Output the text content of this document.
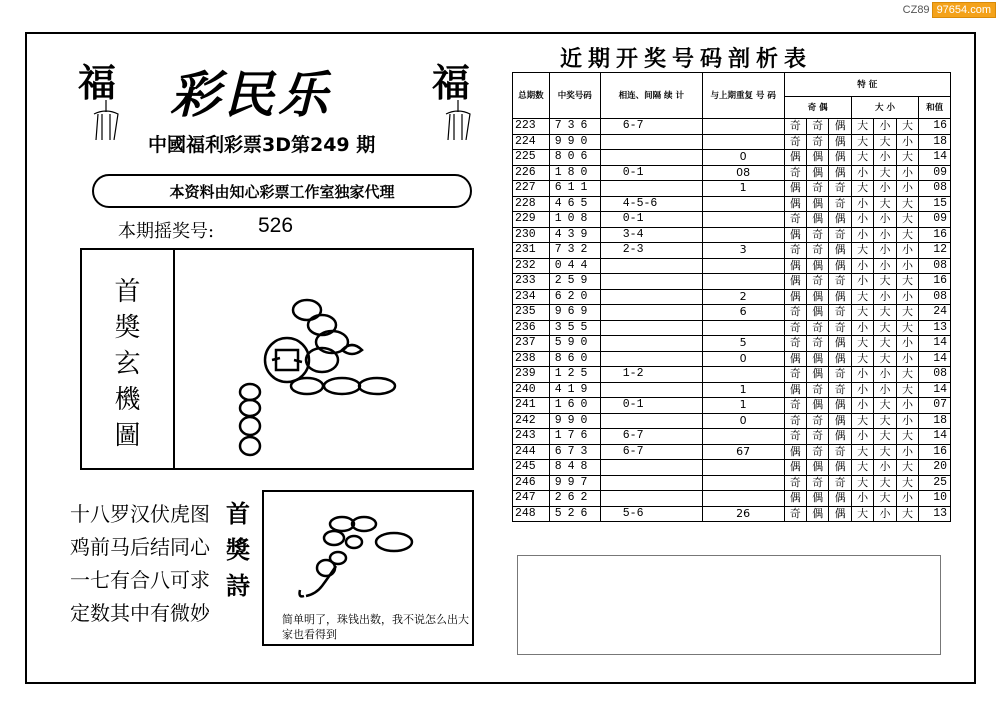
CZ89 97654.com
福	福
彩民乐
中國福利彩票3D第249 期
本资料由知心彩票工作室独家代理
本期摇奖号: 526
首
奬
玄
機
圖
十八罗汉伏虎图
鸡前马后结同心
一七有合八可求
定数其中有微妙
首
獎
詩
简单明了，珠钱出数，我不说怎么出大家也看得到
近期开奖号码剖析表
总期数	中奖号码	相连、间隔 续 计	与上期重复 号 码	特 征						
				奇 偶			大 小			和值
223	736	6-7		奇	奇	偶	大	小	大	16
224	990			奇	奇	偶	大	大	小	18
225	806		0	偶	偶	偶	大	小	大	14
226	180	0-1	08	奇	偶	偶	小	大	小	09
227	611		1	偶	奇	奇	大	小	小	08
228	465	4-5-6		偶	偶	奇	小	大	大	15
229	108	0-1		奇	偶	偶	小	小	大	09
230	439	3-4		偶	奇	奇	小	小	大	16
231	732	2-3	3	奇	奇	偶	大	小	小	12
232	044			偶	偶	偶	小	小	小	08
233	259			偶	奇	奇	小	大	大	16
234	620		2	偶	偶	偶	大	小	小	08
235	969		6	奇	偶	奇	大	大	大	24
236	355			奇	奇	奇	小	大	大	13
237	590		5	奇	奇	偶	大	大	小	14
238	860		0	偶	偶	偶	大	大	小	14
239	125	1-2		奇	偶	奇	小	小	大	08
240	419		1	偶	奇	奇	小	小	大	14
241	160	0-1	1	奇	偶	偶	小	大	小	07
242	990		0	奇	奇	偶	大	大	小	18
243	176	6-7		奇	奇	偶	小	大	大	14
244	673	6-7	67	偶	奇	奇	大	大	小	16
245	848			偶	偶	偶	大	小	大	20
246	997			奇	奇	奇	大	大	大	25
247	262			偶	偶	偶	小	大	小	10
248	526	5-6	26	奇	偶	偶	大	小	大	13
